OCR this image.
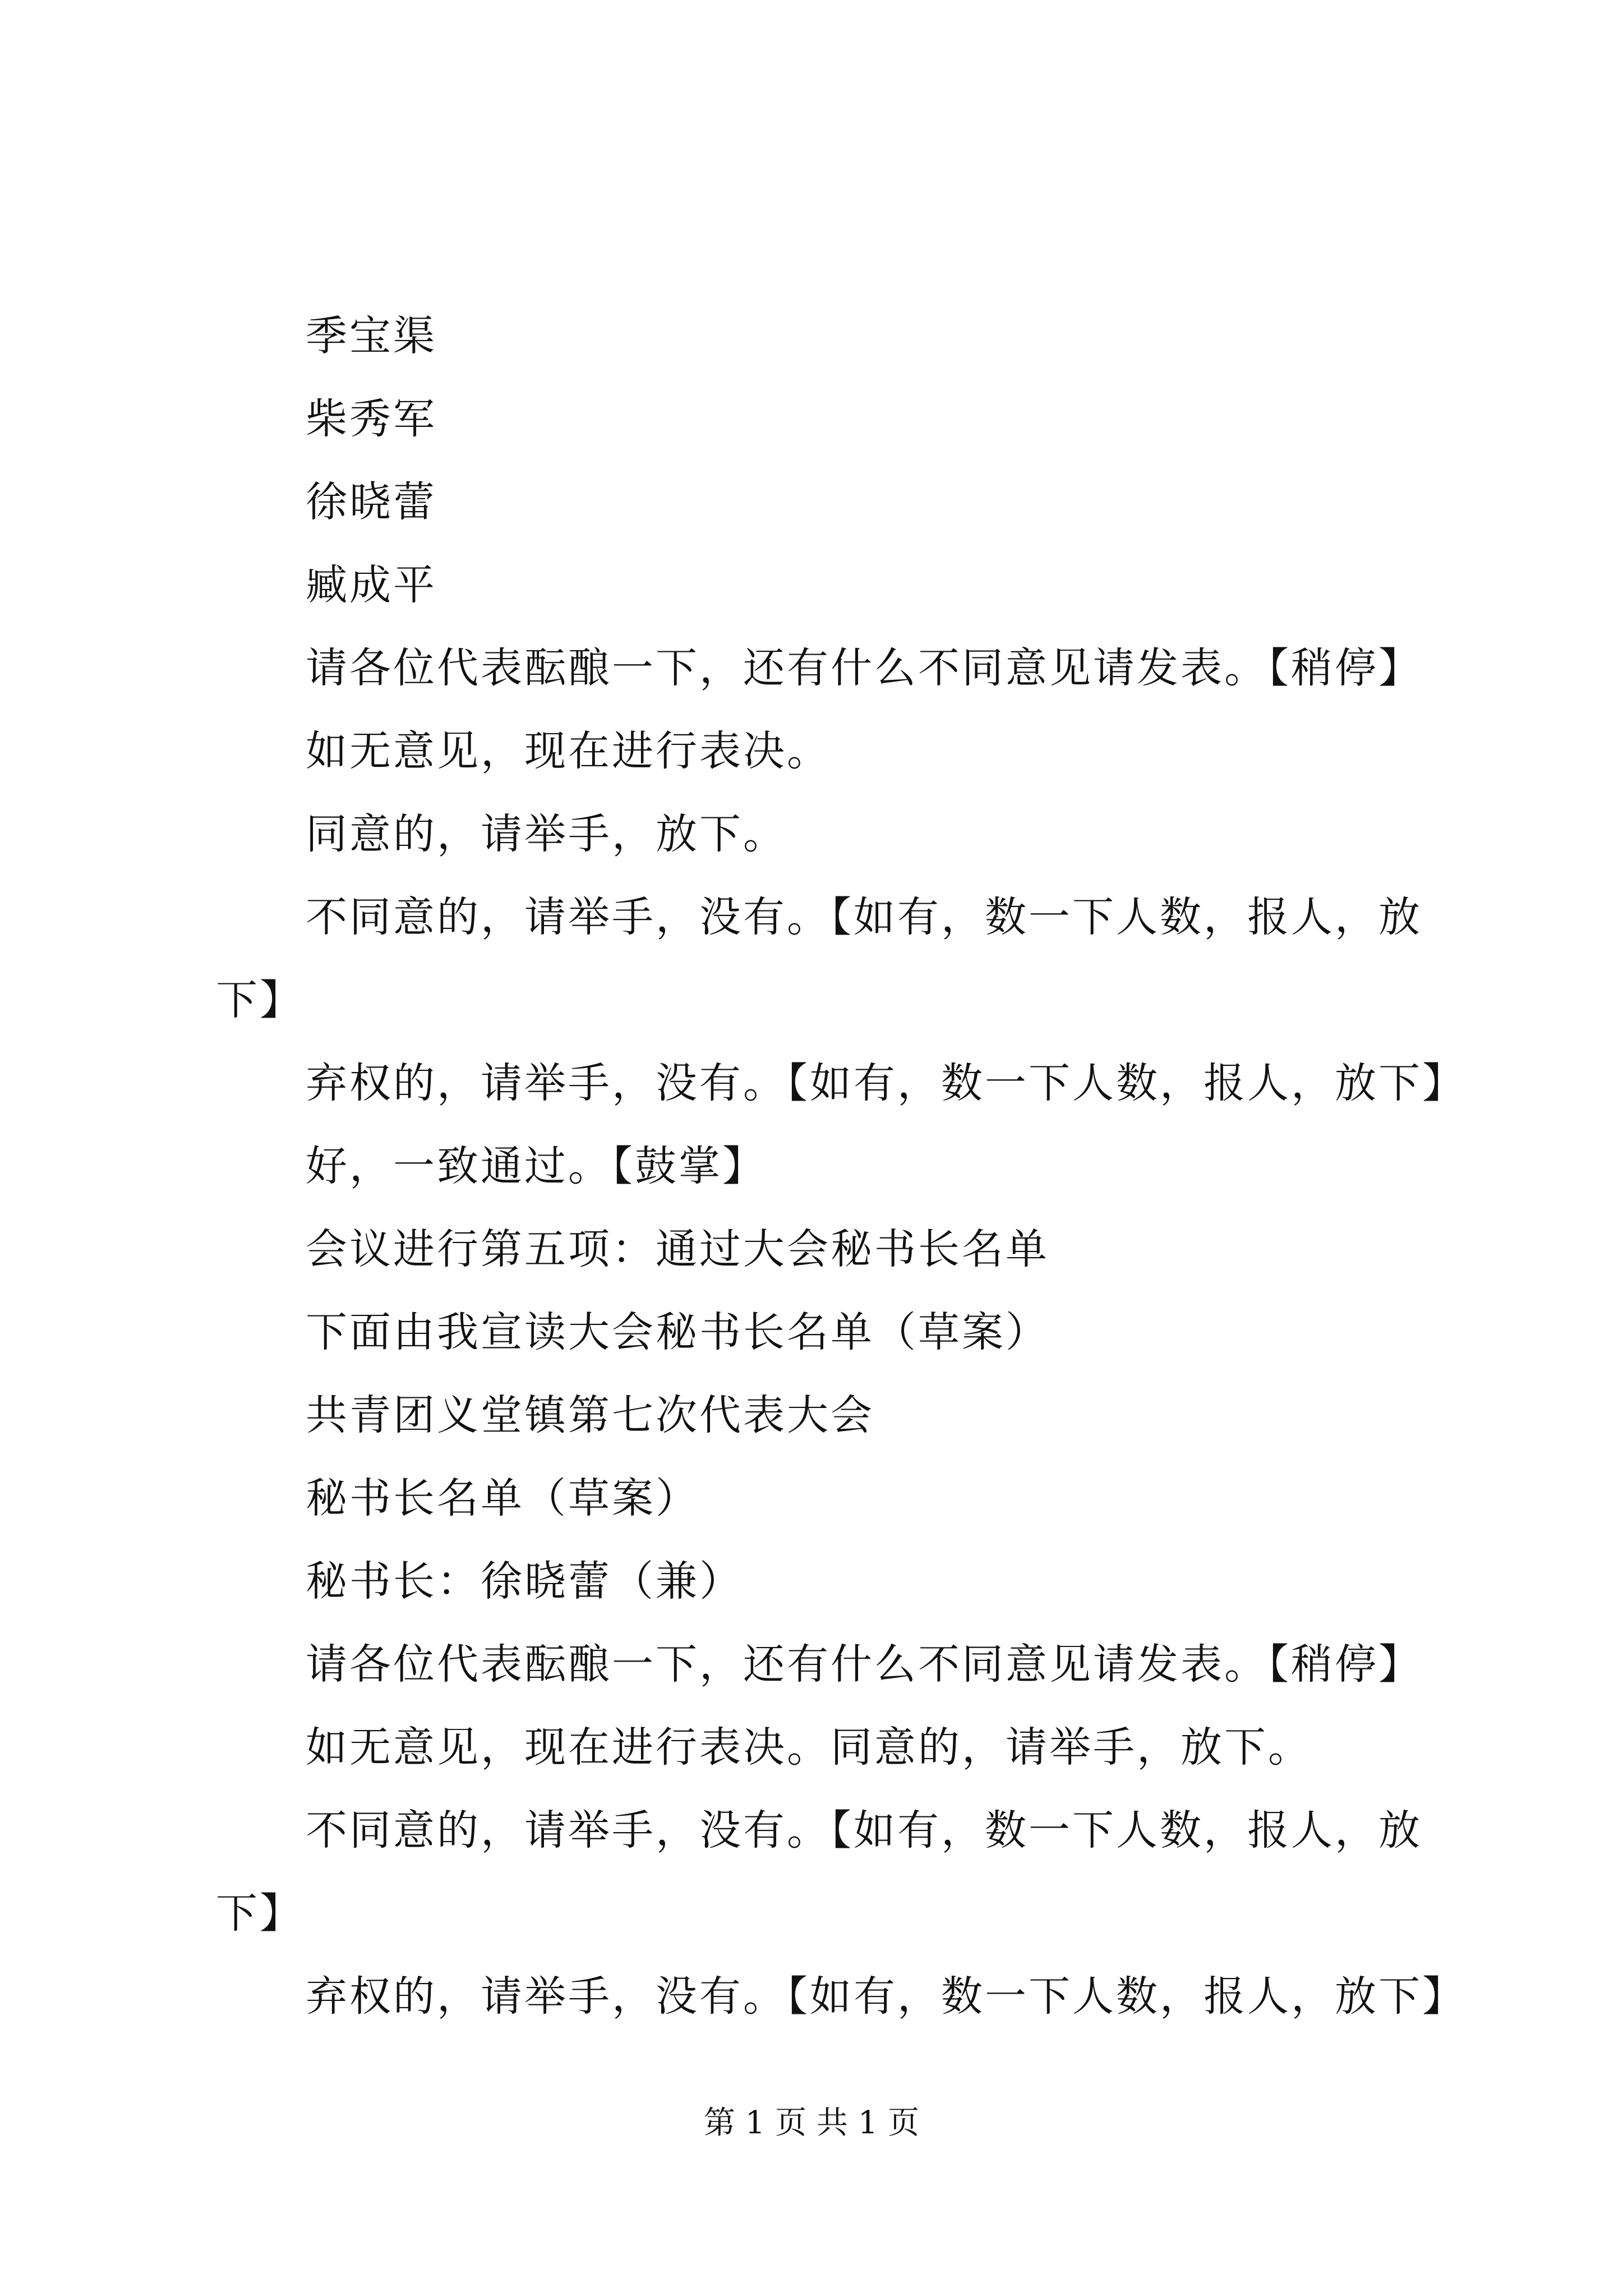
季宝渠
柴秀军
徐晓蕾
臧成平
请各位代表酝酿一下，还有什么不同意见请发表。【稍停】
如无意见，现在进行表决。
同意的，请举手，放下。
不同意的，请举手，没有。【如有，数一下人数，报人，放
下】
弃权的，请举手，没有。【如有，数一下人数，报人，放下】
好，一致通过。【鼓掌】
会议进行第五项：通过大会秘书长名单
下面由我宣读大会秘书长名单（草案）
共青团义堂镇第七次代表大会
秘书长名单（草案）
秘书长：徐晓蕾（兼）
请各位代表酝酿一下，还有什么不同意见请发表。【稍停】
如无意见，现在进行表决。同意的，请举手，放下。
不同意的，请举手，没有。【如有，数一下人数，报人，放
下】
弃权的，请举手，没有。【如有，数一下人数，报人，放下】
第 1 页 共 1 页
